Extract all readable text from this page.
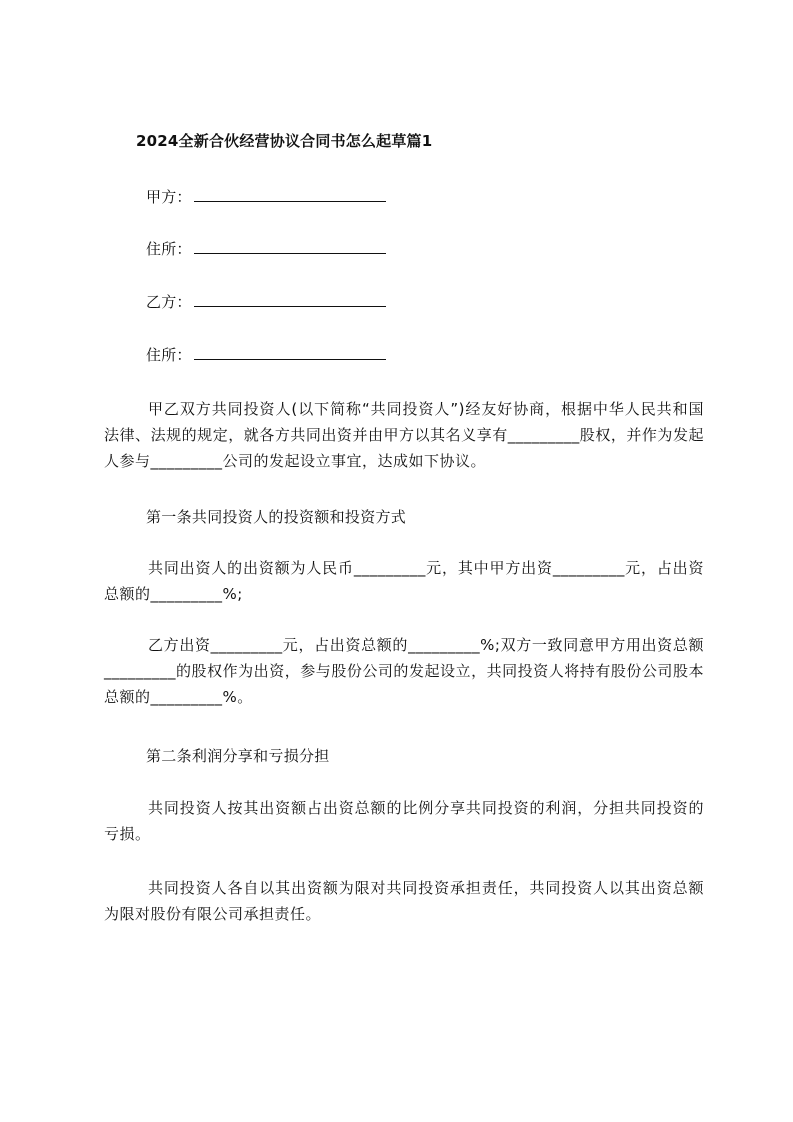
2024全新合伙经营协议合同书怎么起草篇1
甲方：
住所：
乙方：
住所：
甲乙双方共同投资人(以下简称“共同投资人”)经友好协商，根据中华人民共和国法律、法规的规定，就各方共同出资并由甲方以其名义享有_________股权，并作为发起人参与_________公司的发起设立事宜，达成如下协议。
第一条共同投资人的投资额和投资方式
共同出资人的出资额为人民币_________元，其中甲方出资_________元，占出资总额的_________%;
乙方出资_________元，占出资总额的_________%;双方一致同意甲方用出资总额_________的股权作为出资，参与股份公司的发起设立，共同投资人将持有股份公司股本总额的_________%。
第二条利润分享和亏损分担
共同投资人按其出资额占出资总额的比例分享共同投资的利润，分担共同投资的亏损。
共同投资人各自以其出资额为限对共同投资承担责任，共同投资人以其出资总额为限对股份有限公司承担责任。
